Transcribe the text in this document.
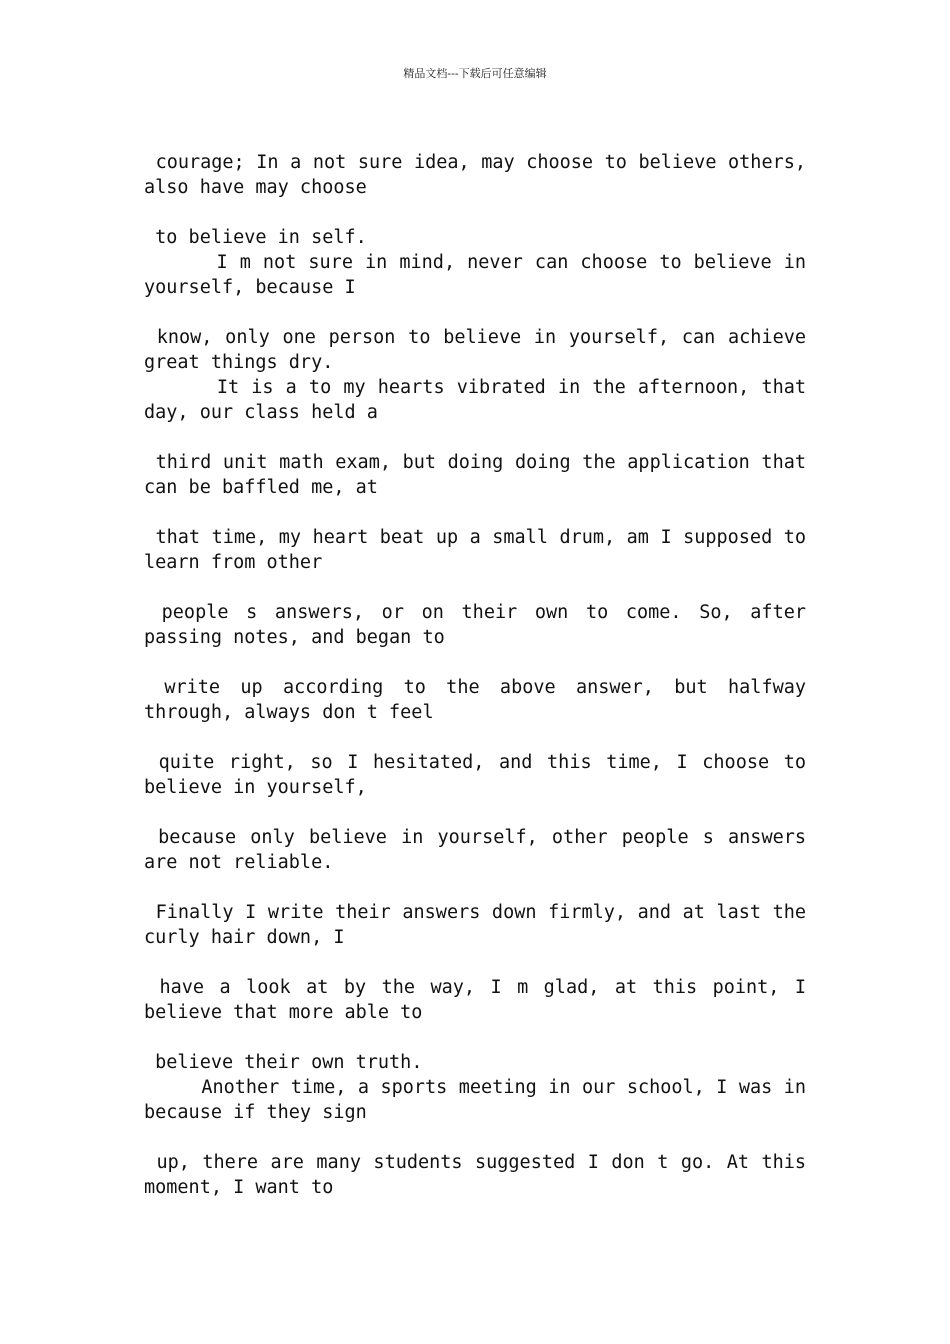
精品文档---下载后可任意编辑

courage; In a not sure idea, may choose to believe others, also have may choose

to believe in self.

I m not sure in mind, never can choose to believe in yourself, because I

know, only one person to believe in yourself, can achieve great things dry.

It is a to my hearts vibrated in the afternoon, that day, our class held a

third unit math exam, but doing doing the application that can be baffled me, at

that time, my heart beat up a small drum, am I supposed to learn from other

people s answers, or on their own to come. So, after passing notes, and began to

write up according to the above answer, but halfway through, always don t feel

quite right, so I hesitated, and this time, I choose to believe in yourself,

because only believe in yourself, other people s answers are not reliable.

Finally I write their answers down firmly, and at last the curly hair down, I

have a look at by the way, I m glad, at this point, I believe that more able to

believe their own truth.

Another time, a sports meeting in our school, I was in because if they sign

up, there are many students suggested I don t go. At this moment, I want to
